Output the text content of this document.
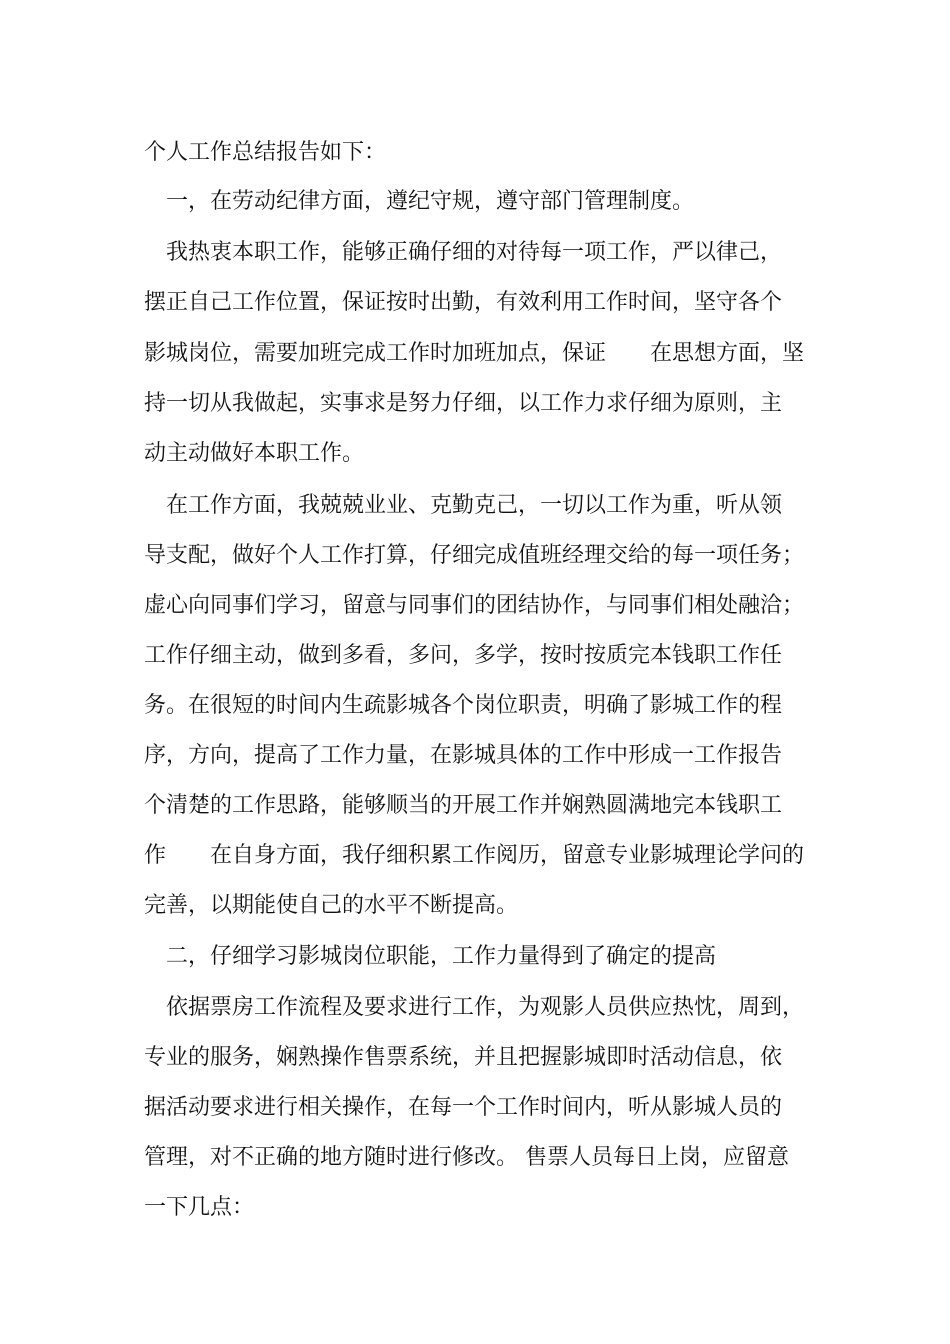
个人工作总结报告如下：
一，在劳动纪律方面，遵纪守规，遵守部门管理制度。
我热衷本职工作，能够正确仔细的对待每一项工作，严以律己，
摆正自己工作位置，保证按时出勤，有效利用工作时间，坚守各个
影城岗位，需要加班完成工作时加班加点，保证　　在思想方面，坚
持一切从我做起，实事求是努力仔细，以工作力求仔细为原则，主
动主动做好本职工作。
在工作方面，我兢兢业业、克勤克己，一切以工作为重，听从领
导支配，做好个人工作打算，仔细完成值班经理交给的每一项任务；
虚心向同事们学习，留意与同事们的团结协作，与同事们相处融洽；
工作仔细主动，做到多看，多问，多学，按时按质完本钱职工作任
务。在很短的时间内生疏影城各个岗位职责，明确了影城工作的程
序，方向，提高了工作力量，在影城具体的工作中形成一工作报告
个清楚的工作思路，能够顺当的开展工作并娴熟圆满地完本钱职工
作　　在自身方面，我仔细积累工作阅历，留意专业影城理论学问的
完善，以期能使自己的水平不断提高。
二，仔细学习影城岗位职能，工作力量得到了确定的提高
依据票房工作流程及要求进行工作，为观影人员供应热忱，周到，
专业的服务，娴熟操作售票系统，并且把握影城即时活动信息，依
据活动要求进行相关操作，在每一个工作时间内，听从影城人员的
管理，对不正确的地方随时进行修改。 售票人员每日上岗，应留意
一下几点：
